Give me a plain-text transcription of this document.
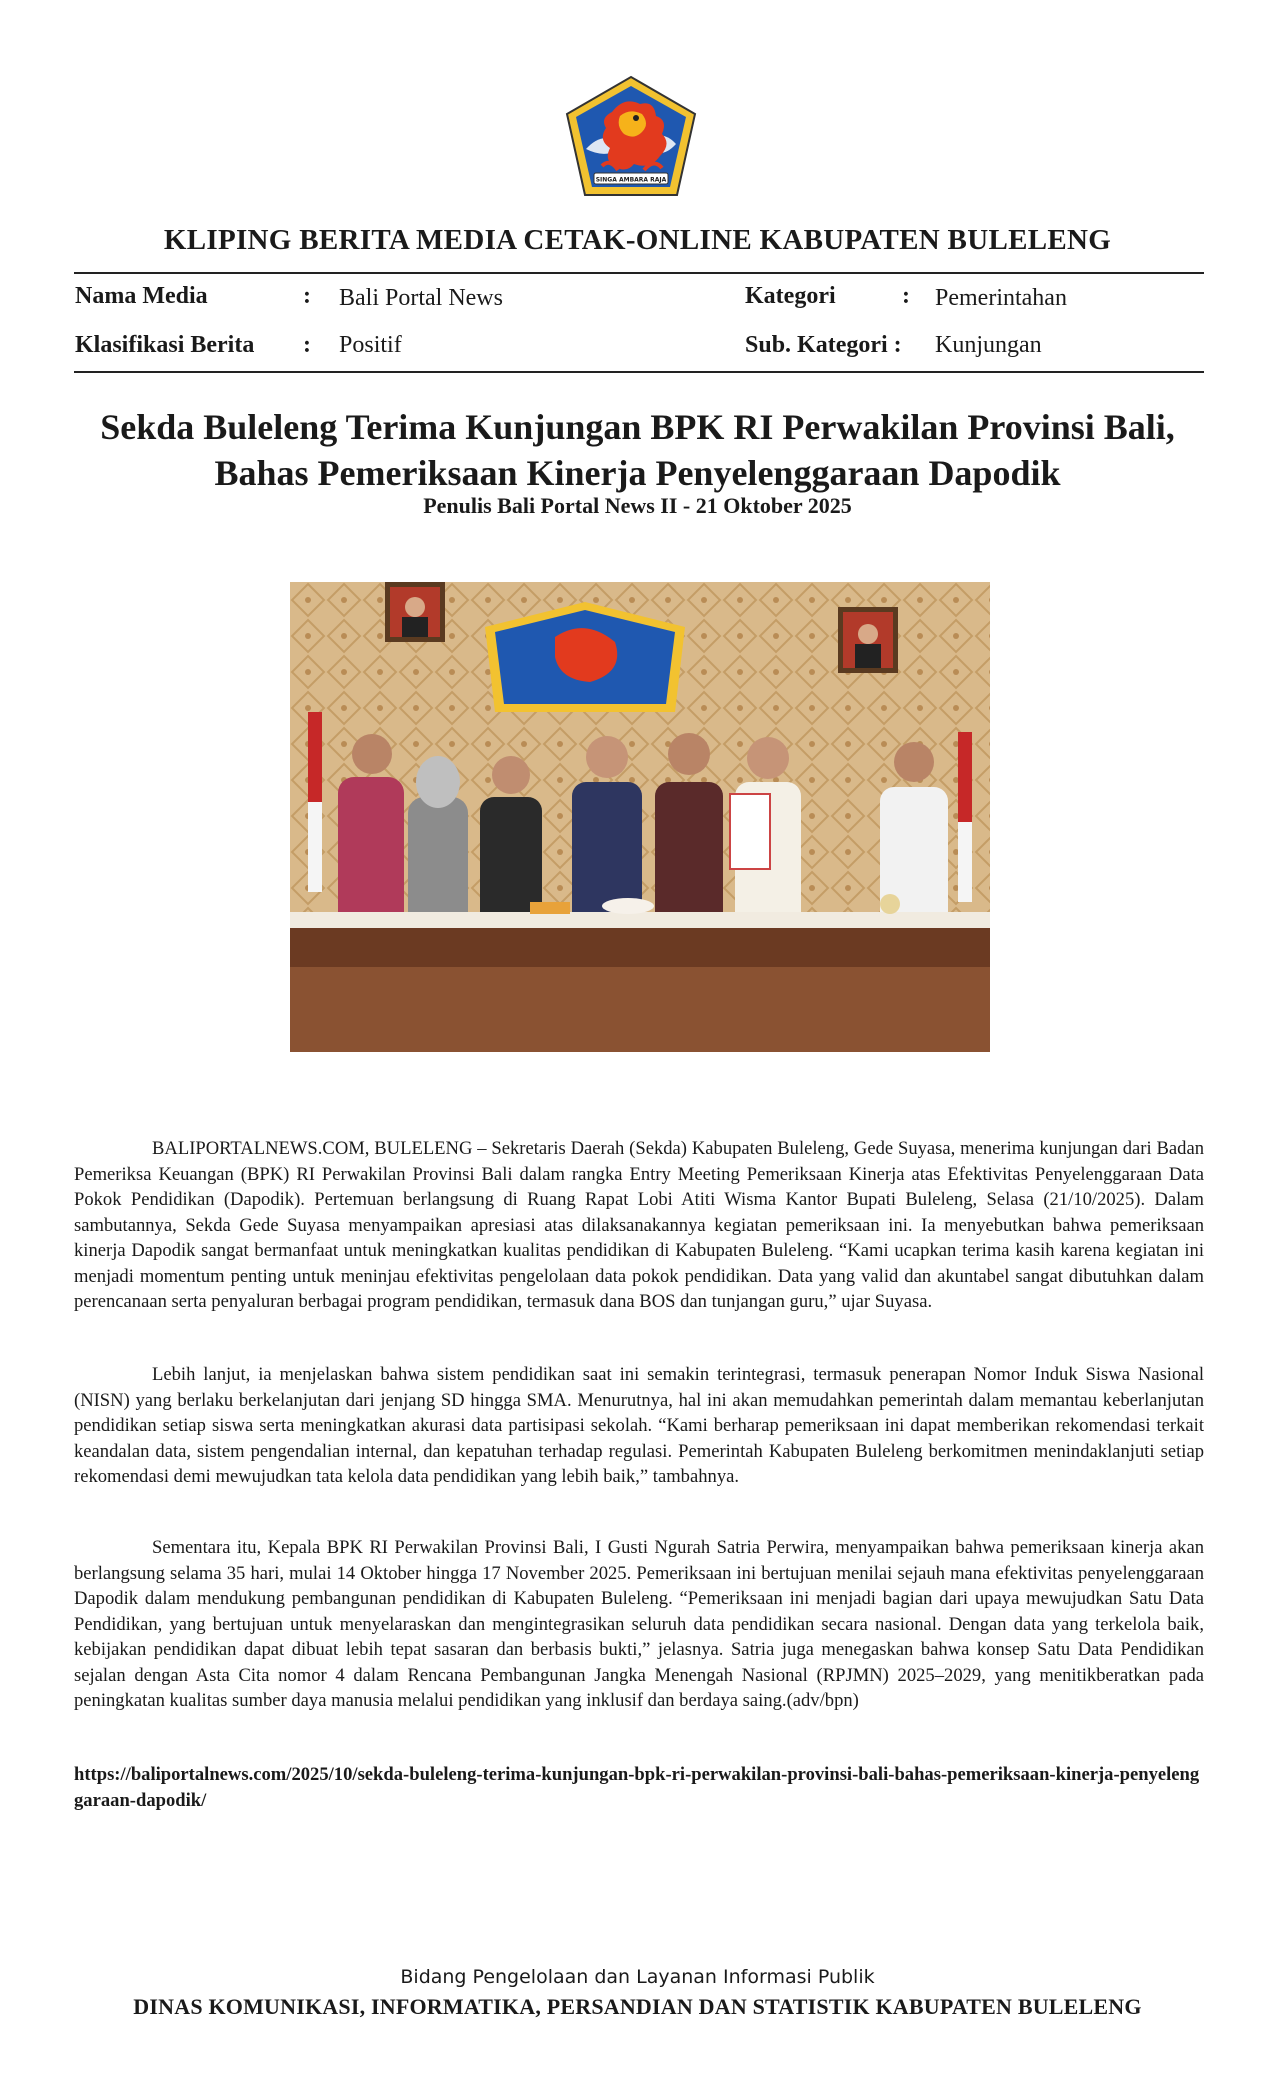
SINGA AMBARA RAJA
KLIPING BERITA MEDIA CETAK-ONLINE KABUPATEN BULELENG
Nama Media	: Bali Portal News	Kategori	: Pemerintahan
Klasifikasi Berita : Positif	Sub. Kategori : Kunjungan
Sekda Buleleng Terima Kunjungan BPK RI Perwakilan Provinsi Bali,
Bahas Pemeriksaan Kinerja Penyelenggaraan Dapodik
Penulis Bali Portal News II - 21 Oktober 2025

BALIPORTALNEWS.COM, BULELENG – Sekretaris Daerah (Sekda) Kabupaten Buleleng, Gede Suyasa, menerima kunjungan dari Badan Pemeriksa Keuangan (BPK) RI Perwakilan Provinsi Bali dalam rangka Entry Meeting Pemeriksaan Kinerja atas Efektivitas Penyelenggaraan Data Pokok Pendidikan (Dapodik). Pertemuan berlangsung di Ruang Rapat Lobi Atiti Wisma Kantor Bupati Buleleng, Selasa (21/10/2025). Dalam sambutannya, Sekda Gede Suyasa menyampaikan apresiasi atas dilaksanakannya kegiatan pemeriksaan ini. Ia menyebutkan bahwa pemeriksaan kinerja Dapodik sangat bermanfaat untuk meningkatkan kualitas pendidikan di Kabupaten Buleleng. “Kami ucapkan terima kasih karena kegiatan ini menjadi momentum penting untuk meninjau efektivitas pengelolaan data pokok pendidikan. Data yang valid dan akuntabel sangat dibutuhkan dalam perencanaan serta penyaluran berbagai program pendidikan, termasuk dana BOS dan tunjangan guru,” ujar Suyasa.

Lebih lanjut, ia menjelaskan bahwa sistem pendidikan saat ini semakin terintegrasi, termasuk penerapan Nomor Induk Siswa Nasional (NISN) yang berlaku berkelanjutan dari jenjang SD hingga SMA. Menurutnya, hal ini akan memudahkan pemerintah dalam memantau keberlanjutan pendidikan setiap siswa serta meningkatkan akurasi data partisipasi sekolah. “Kami berharap pemeriksaan ini dapat memberikan rekomendasi terkait keandalan data, sistem pengendalian internal, dan kepatuhan terhadap regulasi. Pemerintah Kabupaten Buleleng berkomitmen menindaklanjuti setiap rekomendasi demi mewujudkan tata kelola data pendidikan yang lebih baik,” tambahnya.

Sementara itu, Kepala BPK RI Perwakilan Provinsi Bali, I Gusti Ngurah Satria Perwira, menyampaikan bahwa pemeriksaan kinerja akan berlangsung selama 35 hari, mulai 14 Oktober hingga 17 November 2025. Pemeriksaan ini bertujuan menilai sejauh mana efektivitas penyelenggaraan Dapodik dalam mendukung pembangunan pendidikan di Kabupaten Buleleng. “Pemeriksaan ini menjadi bagian dari upaya mewujudkan Satu Data Pendidikan, yang bertujuan untuk menyelaraskan dan mengintegrasikan seluruh data pendidikan secara nasional. Dengan data yang terkelola baik, kebijakan pendidikan dapat dibuat lebih tepat sasaran dan berbasis bukti,” jelasnya. Satria juga menegaskan bahwa konsep Satu Data Pendidikan sejalan dengan Asta Cita nomor 4 dalam Rencana Pembangunan Jangka Menengah Nasional (RPJMN) 2025–2029, yang menitikberatkan pada peningkatan kualitas sumber daya manusia melalui pendidikan yang inklusif dan berdaya saing.(adv/bpn)

https://baliportalnews.com/2025/10/sekda-buleleng-terima-kunjungan-bpk-ri-perwakilan-provinsi-bali-bahas-pemeriksaan-kinerja-penyelenggaraan-dapodik/
Bidang Pengelolaan dan Layanan Informasi Publik
DINAS KOMUNIKASI, INFORMATIKA, PERSANDIAN DAN STATISTIK KABUPATEN BULELENG
